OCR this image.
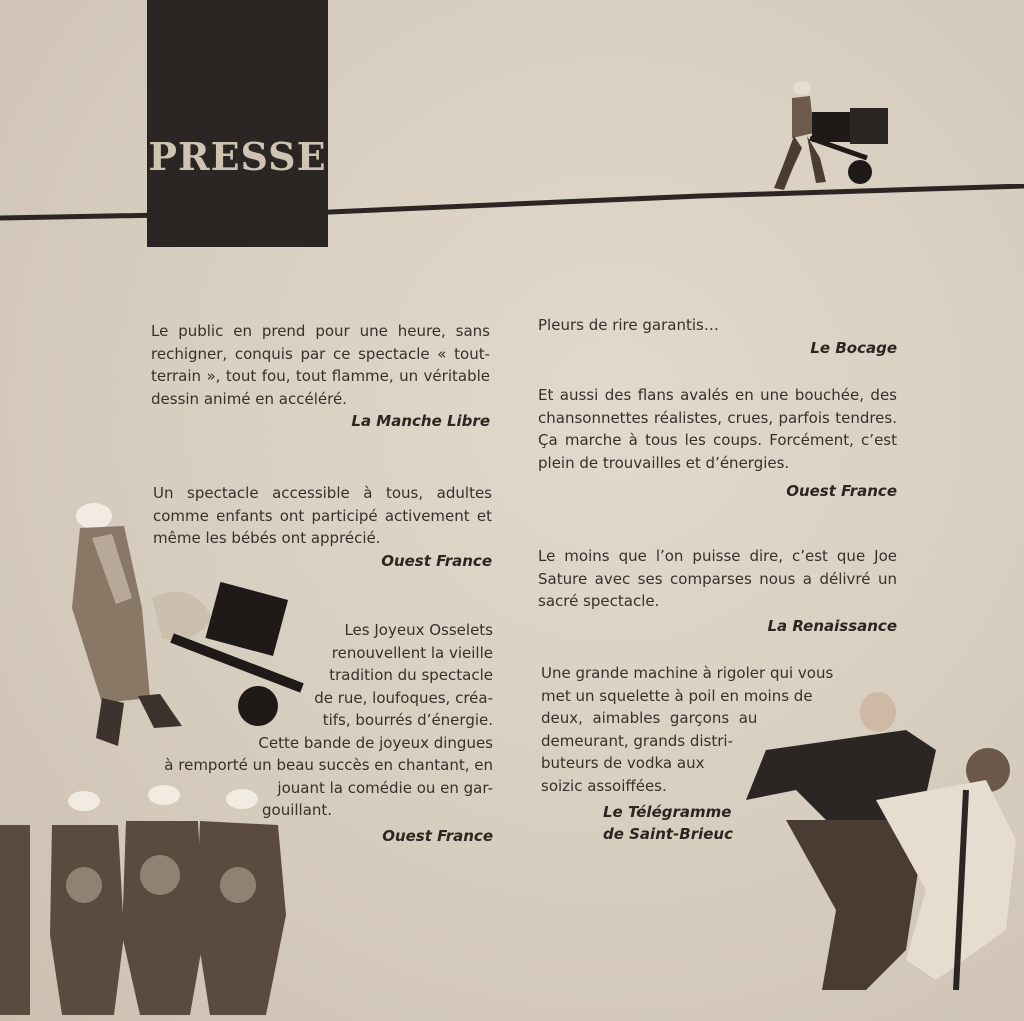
PRESSE

Le public en prend pour une heure, sans rechigner, conquis par ce spectacle « tout-terrain », tout fou, tout flamme, un véritable dessin animé en accéléré.

La Manche Libre

Un spectacle accessible à tous, adultes comme enfants ont participé activement et même les bébés ont apprécié.

Ouest France
Les Joyeux Osselets
renouvellent la vieille
tradition du spectacle
de rue, loufoques, créa-
tifs, bourrés d’énergie.
Cette bande de joyeux dingues
à remporté un beau succès en chantant, en
jouant la comédie ou en gar-
gouillant.
Ouest France

Pleurs de rire garantis…

Le Bocage

Et aussi des flans avalés en une bouchée, des chansonnettes réalistes, crues, parfois tendres. Ça marche à tous les coups. Forcément, c’est plein de trouvailles et d’énergies.

Ouest France

Le moins que l’on puisse dire, c’est que Joe Sature avec ses comparses nous a délivré un sacré spectacle.

La Renaissance
Une grande machine à rigoler qui vous
met un squelette à poil en moins de
deux,  aimables  garçons  au
demeurant, grands distri-
buteurs de vodka aux
soizic assoiffées.
Le Télégramme
de Saint-Brieuc
